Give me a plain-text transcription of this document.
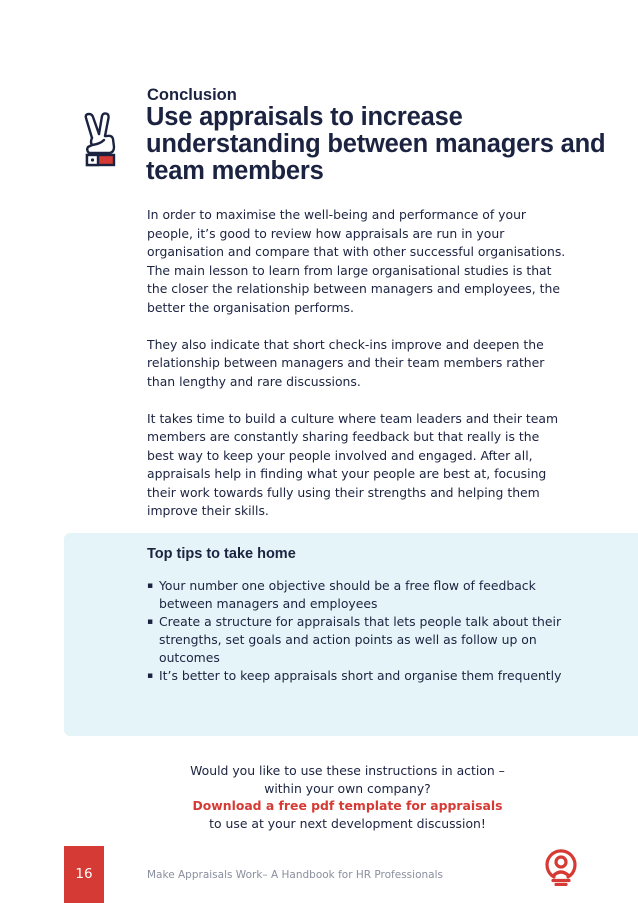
Conclusion
Use appraisals to increase understanding between managers and team members

In order to maximise the well-being and performance of your people, it’s good to review how appraisals are run in your organisation and compare that with other successful organisations. The main lesson to learn from large organisational studies is that the closer the relationship between managers and employees, the better the organisation performs.

They also indicate that short check-ins improve and deepen the relationship between managers and their team members rather than lengthy and rare discussions.

It takes time to build a culture where team leaders and their team members are constantly sharing feedback but that really is the best way to keep your people involved and engaged. After all, appraisals help in finding what your people are best at, focusing their work towards fully using their strengths and helping them improve their skills.

Top tips to take home
▪ Your number one objective should be a free flow of feedback between managers and employees
▪ Create a structure for appraisals that lets people talk about their strengths, set goals and action points as well as follow up on outcomes
▪ It’s better to keep appraisals short and organise them frequently
Would you like to use these instructions in action –
within your own company?
Download a free pdf template for appraisals
to use at your next development discussion!
16	Make Appraisals Work– A Handbook for HR Professionals
